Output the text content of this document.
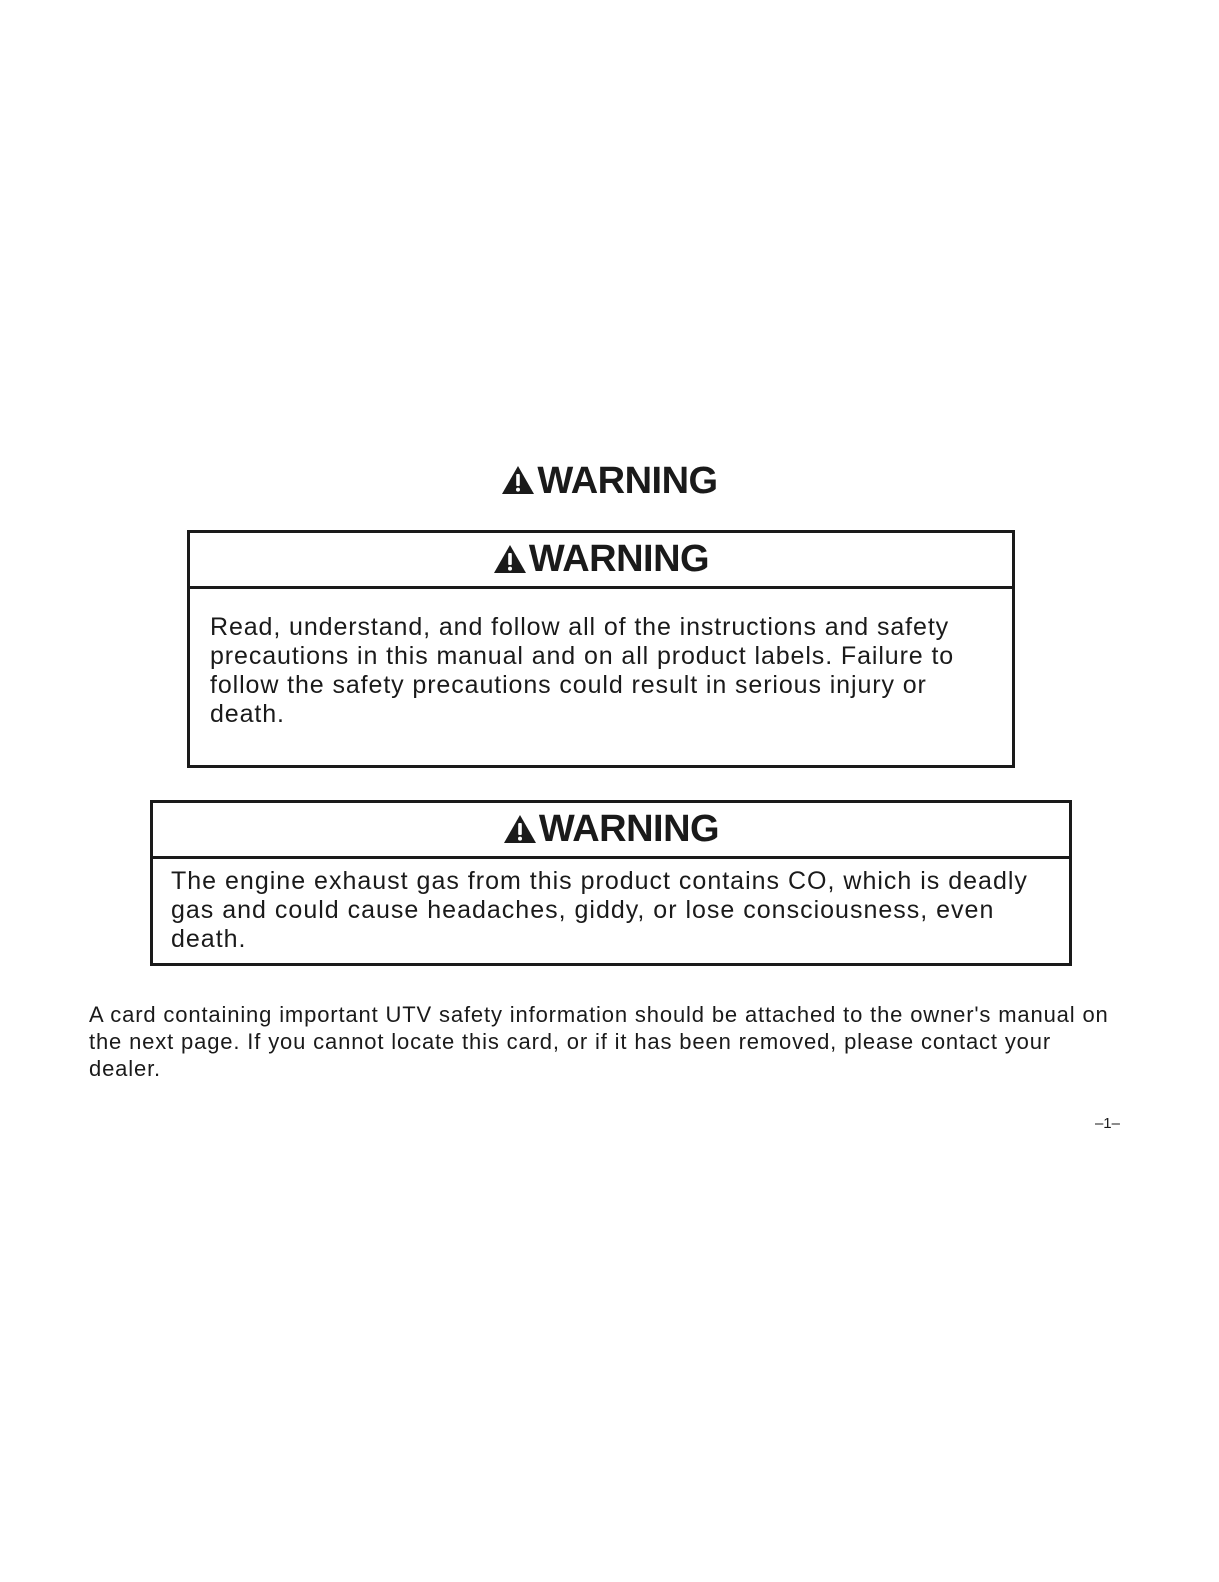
WARNING
WARNING
Read, understand, and follow all of the instructions and safety precautions in this manual and on all product labels. Failure to follow the safety precautions could result in serious injury or death.
WARNING
The engine exhaust gas from this product contains CO, which is deadly gas and could cause headaches, giddy, or lose consciousness, even death.
A card containing important UTV safety information should be attached to the owner's manual on the next page. If you cannot locate this card, or if it has been removed, please contact your dealer.
–1–
